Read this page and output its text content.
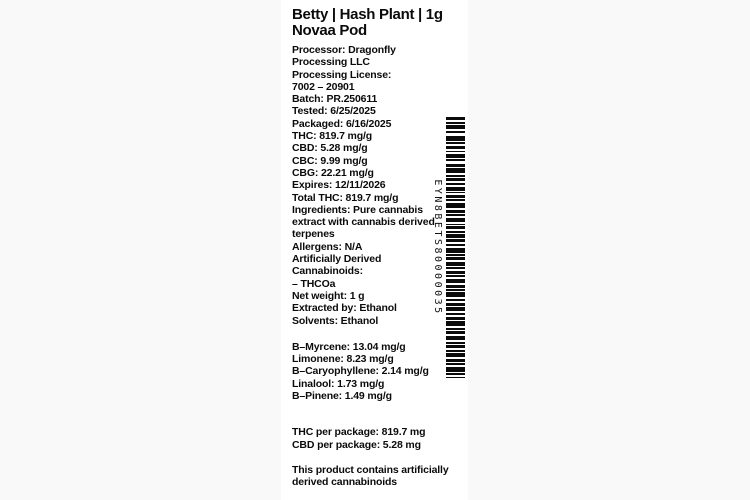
Betty | Hash Plant | 1g
Novaa Pod
Processor: Dragonfly
Processing LLC
Processing License:
7002 – 20901
Batch: PR.250611
Tested: 6/25/2025
Packaged: 6/16/2025
THC: 819.7 mg/g
CBD: 5.28 mg/g
CBC: 9.99 mg/g
CBG: 22.21 mg/g
Expires: 12/11/2026
Total THC: 819.7 mg/g
Ingredients: Pure cannabis
extract with cannabis derived
terpenes
Allergens: N/A
Artificially Derived
Cannabinoids:
– THCOa
Net weight: 1 g
Extracted by: Ethanol
Solvents: Ethanol
B–Myrcene: 13.04 mg/g
Limonene: 8.23 mg/g
B–Caryophyllene: 2.14 mg/g
Linalool: 1.73 mg/g
B–Pinene: 1.49 mg/g
THC per package: 819.7 mg
CBD per package: 5.28 mg
This product contains artificially
derived cannabinoids
EYN8BETS80000035
